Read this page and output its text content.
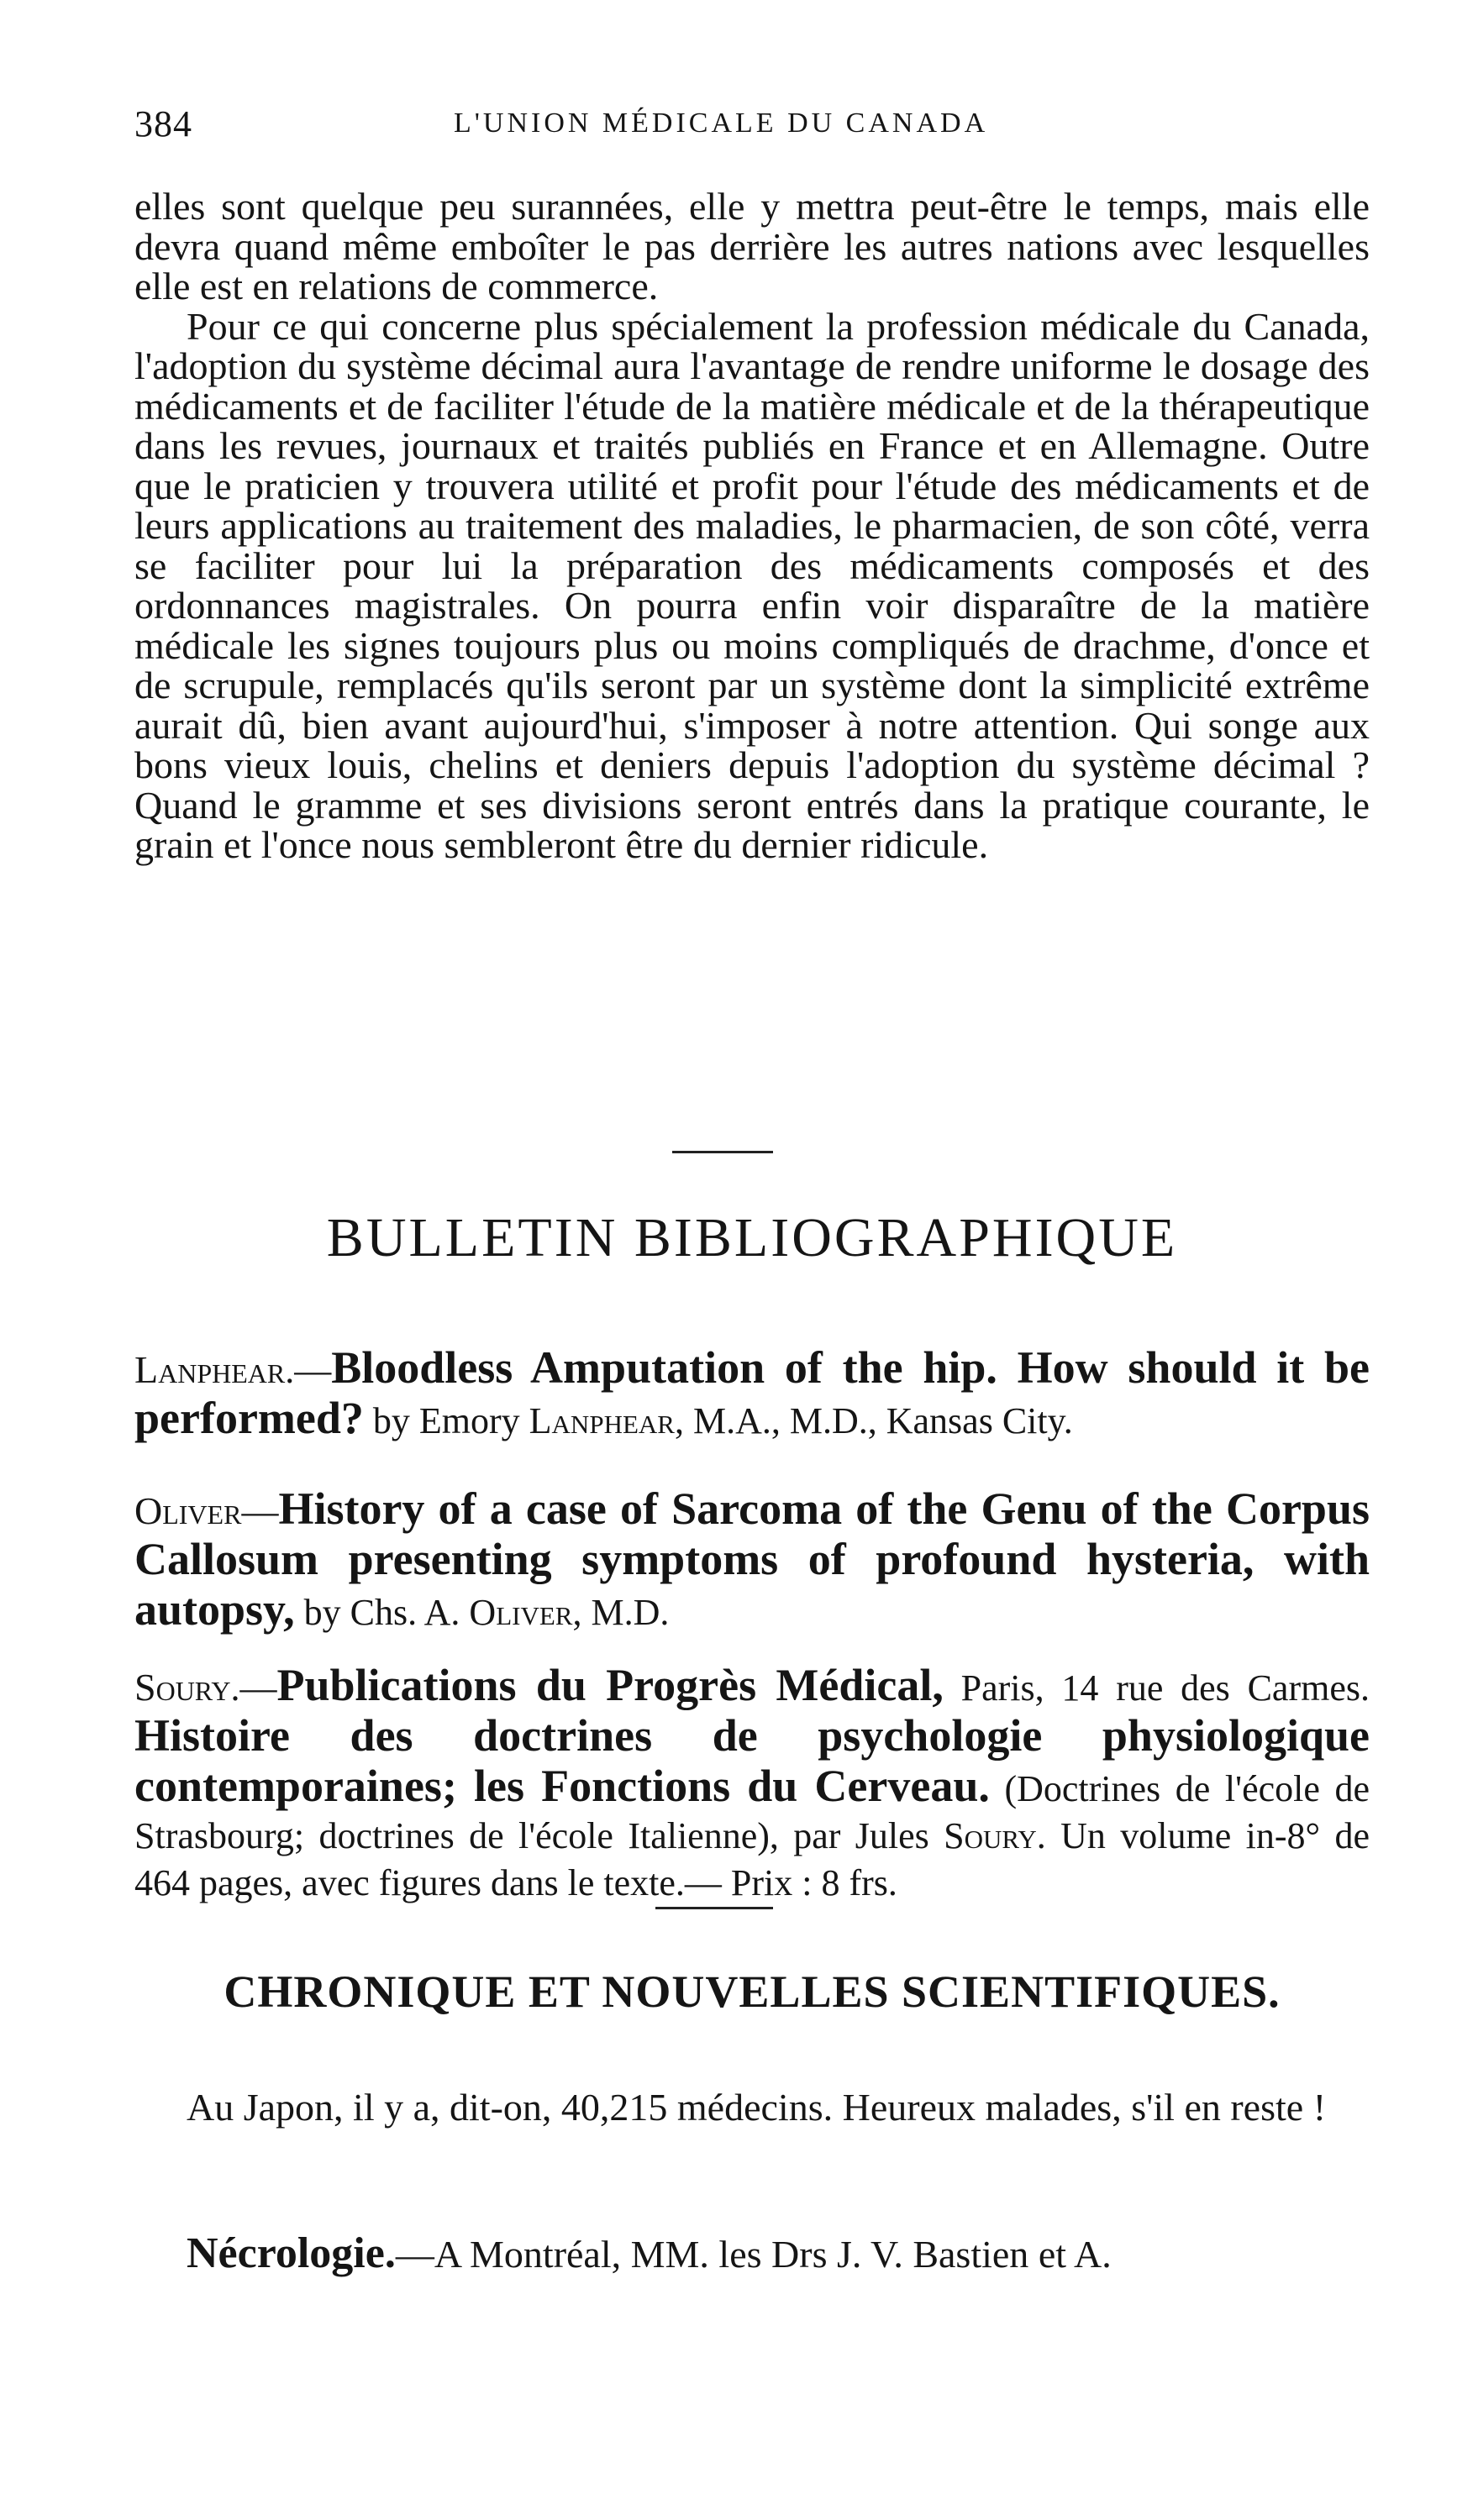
384	L'UNION MÉDICALE DU CANADA

elles sont quelque peu surannées, elle y mettra peut-être le temps, mais elle devra quand même emboîter le pas derrière les autres nations avec lesquelles elle est en relations de commerce.

Pour ce qui concerne plus spécialement la profession médicale du Canada, l'adoption du système décimal aura l'avantage de rendre uniforme le dosage des médicaments et de faciliter l'étude de la matière médicale et de la thérapeutique dans les revues, journaux et traités publiés en France et en Allemagne. Outre que le praticien y trouvera utilité et profit pour l'étude des médicaments et de leurs applications au traitement des maladies, le pharmacien, de son côté, verra se faciliter pour lui la préparation des médicaments composés et des ordonnances magistrales. On pourra enfin voir disparaître de la matière médicale les signes toujours plus ou moins compliqués de drachme, d'once et de scrupule, remplacés qu'ils seront par un système dont la simplicité extrême aurait dû, bien avant aujourd'hui, s'imposer à notre attention. Qui songe aux bons vieux louis, chelins et deniers depuis l'adoption du système décimal ? Quand le gramme et ses divisions seront entrés dans la pratique courante, le grain et l'once nous sembleront être du dernier ridicule.

BULLETIN BIBLIOGRAPHIQUE

Lanphear.—Bloodless Amputation of the hip. How should it be performed? by Emory Lanphear, M.A., M.D., Kansas City.

Oliver—History of a case of Sarcoma of the Genu of the Corpus Callosum presenting symptoms of profound hysteria, with autopsy, by Chs. A. Oliver, M.D.

Soury.—Publications du Progrès Médical, Paris, 14 rue des Carmes. Histoire des doctrines de psychologie physiologique contemporaines; les Fonctions du Cerveau. (Doctrines de l'école de Strasbourg; doctrines de l'école Italienne), par Jules Soury. Un volume in-8° de 464 pages, avec figures dans le texte.— Prix : 8 frs.

CHRONIQUE ET NOUVELLES SCIENTIFIQUES.

Au Japon, il y a, dit-on, 40,215 médecins. Heureux malades, s'il en reste !

Nécrologie.—A Montréal, MM. les Drs J. V. Bastien et A.
